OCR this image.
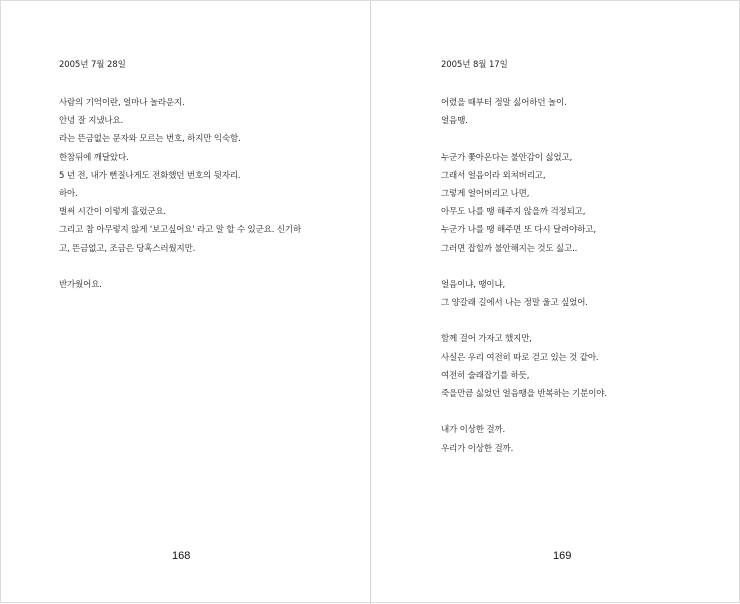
2005년 7월 28일
사람의 기억이란, 얼마나 놀라운지.
안녕 잘 지냈나요.
라는 뜬금없는 문자와 모르는 번호, 하지만 익숙함.
한참뒤에 깨달았다.
5 년 전, 내가 뻔질나게도 전화했던 번호의 뒷자리.
하아.
벌써 시간이 이렇게 흘렀군요.
그리고 참 아무렇지 않게 '보고싶어요' 라고 말 할 수 있군요. 신기하
고, 뜬금없고, 조금은 당혹스러웠지만.
반가웠어요.
168
2005년 8월 17일
어렸을 때부터 정말 싫어하던 놀이.
얼음땡.
누군가 쫓아온다는 불안감이 싫었고,
그래서 얼음이라 외쳐버리고,
그렇게 얼어버리고 나면,
아무도 나를 땡 해주지 않을까 걱정되고,
누군가 나를 땡 해주면 또 다시 달려야하고,
그러면 잡힐까 불안해지는 것도 싫고..
얼음이냐, 땡이냐,
그 양갈래 길에서 나는 정말 울고 싶었어.
함께 걸어 가자고 했지만,
사실은 우리 여전히 따로 걷고 있는 것 같아.
여전히 술래잡기를 하듯,
죽을만큼 싫었던 얼음땡을 반복하는 기분이야.
내가 이상한 걸까.
우리가 이상한 걸까.
169
